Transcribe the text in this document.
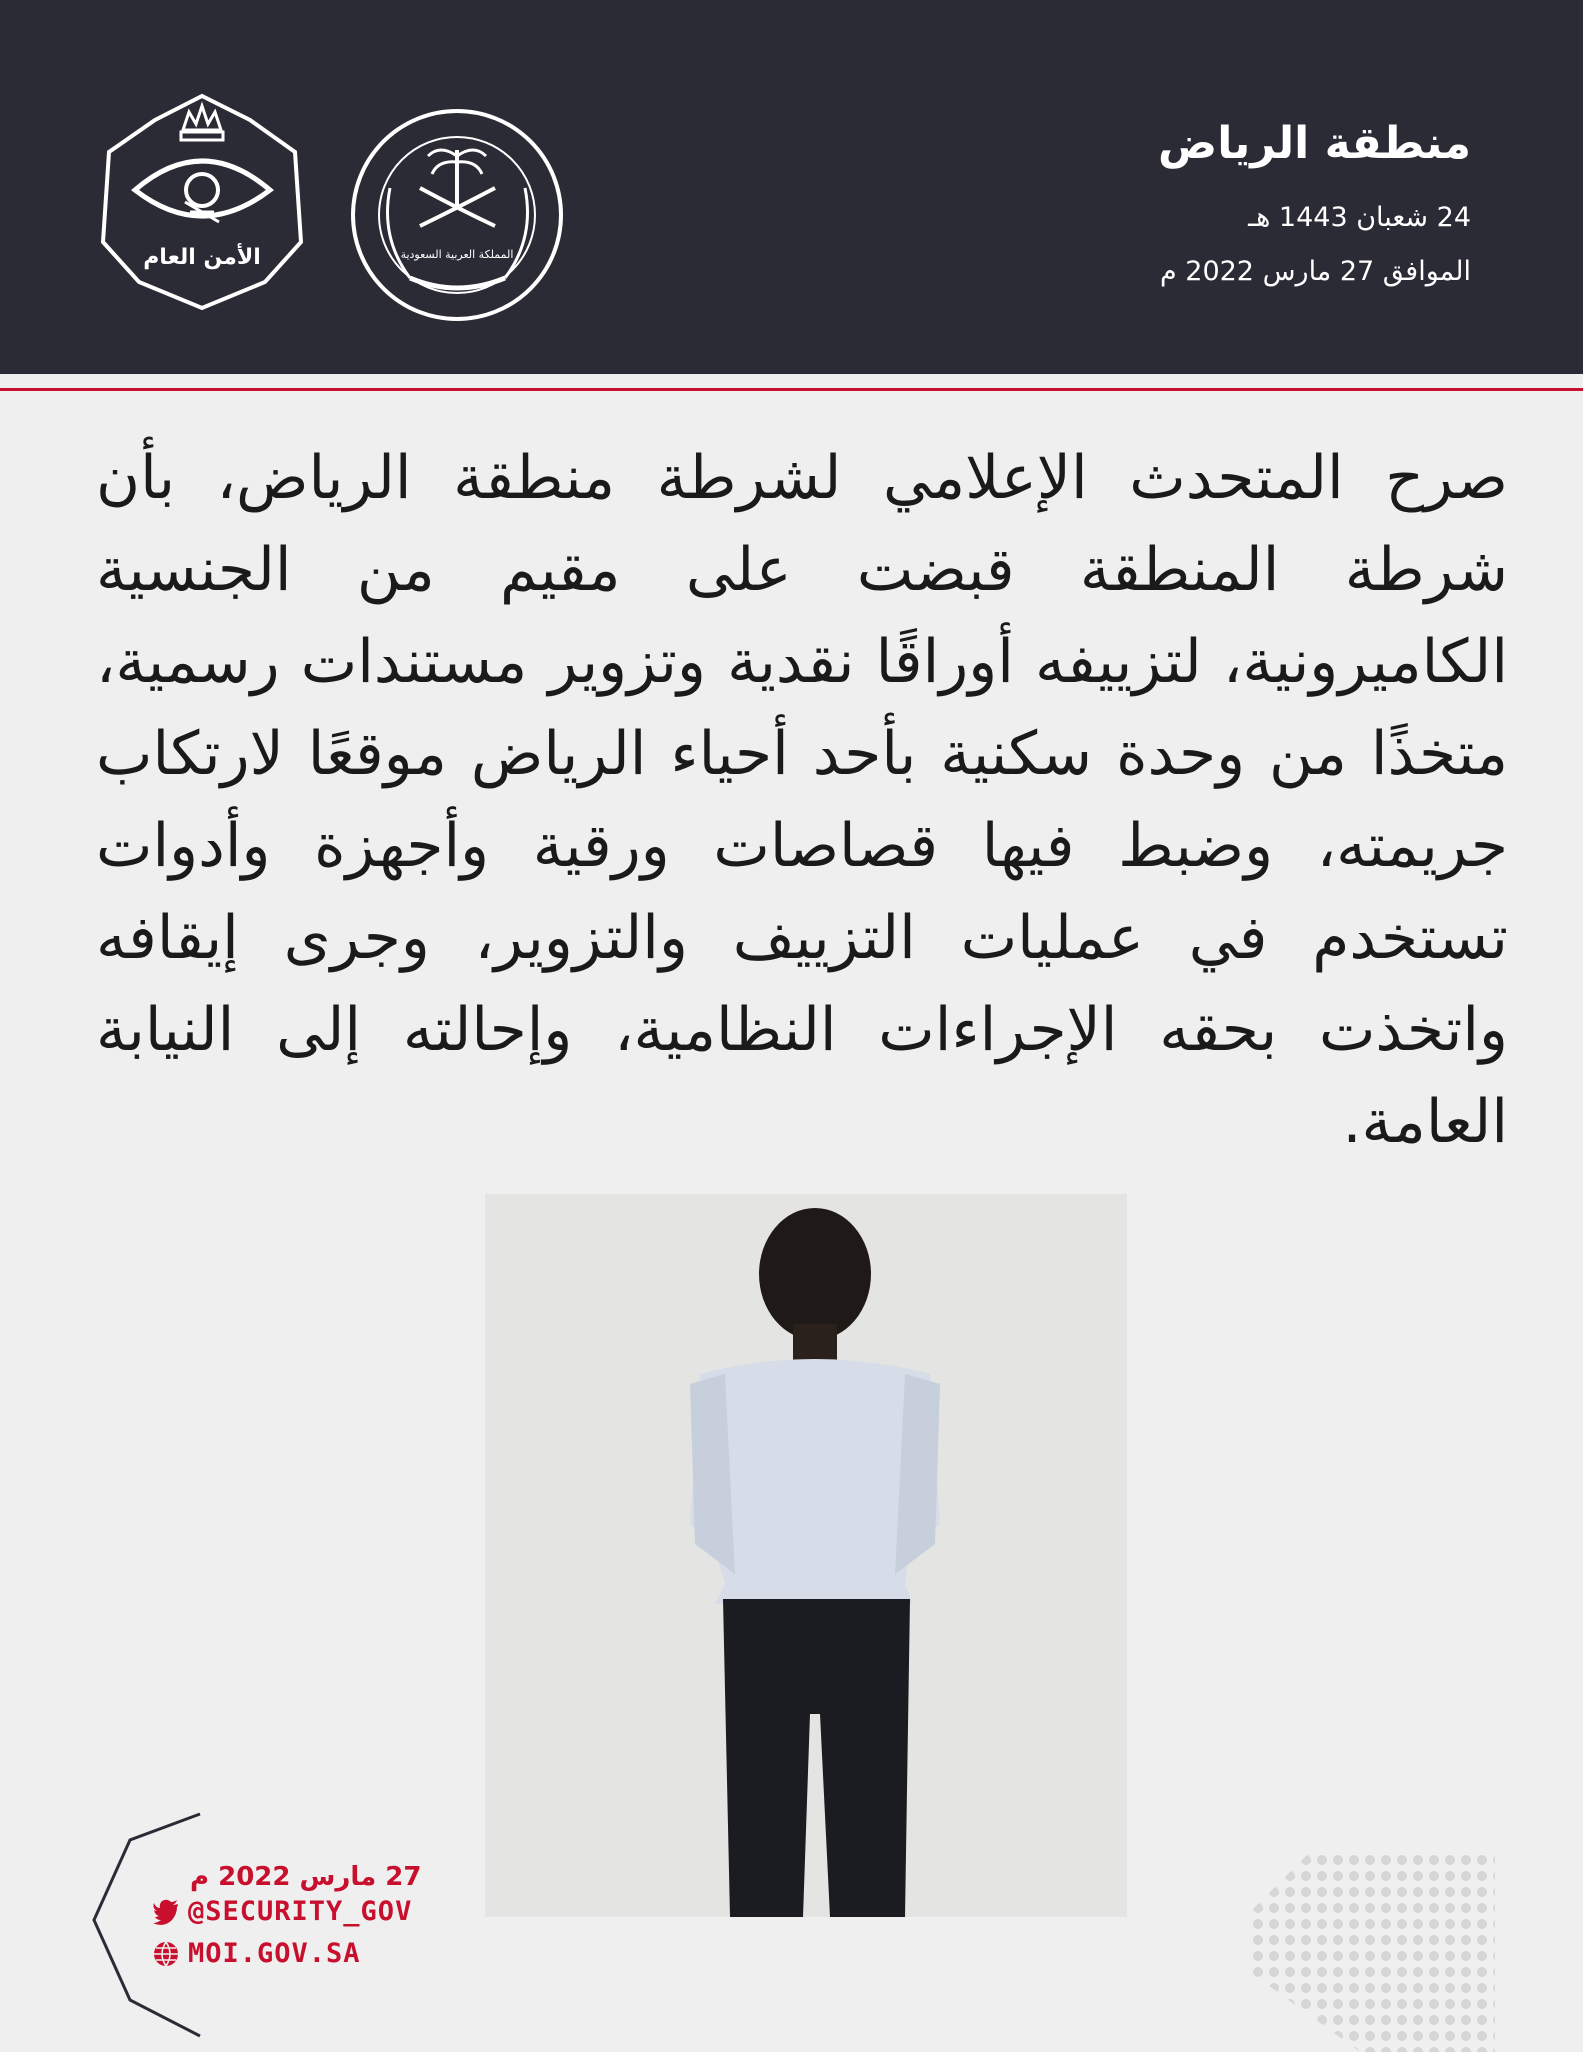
منطقة الرياض
24 شعبان 1443 هـ
الموافق 27 مارس 2022 م
الأمن العام	المملكة العربية السعودية
صرح المتحدث الإعلامي لشرطة منطقة الرياض، بأن شرطة المنطقة قبضت على مقيم من الجنسية الكاميرونية، لتزييفه أوراقًا نقدية وتزوير مستندات رسمية، متخذًا من وحدة سكنية بأحد أحياء الرياض موقعًا لارتكاب جريمته، وضبط فيها قصاصات ورقية وأجهزة وأدوات تستخدم في عمليات التزييف والتزوير، وجرى إيقافه واتخذت بحقه الإجراءات النظامية، وإحالته إلى النيابة العامة.
27 مارس 2022 م
@SECURITY_GOV
MOI.GOV.SA
